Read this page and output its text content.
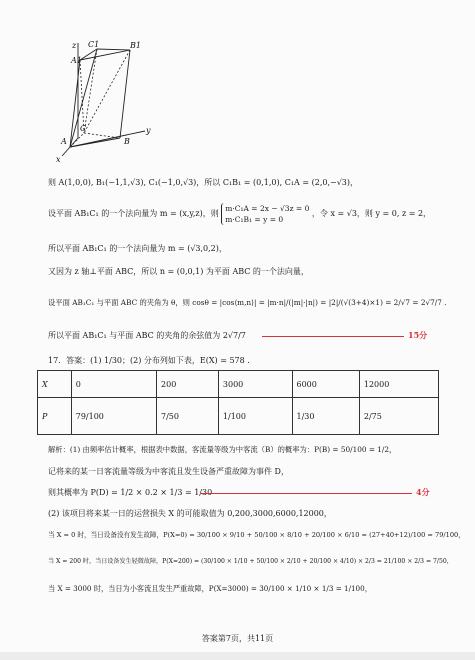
z C1	B1
A1
C
A
y
B
x
则 A(1,0,0), B₁(−1,1,√3), C₁(−1,0,√3)，所以 C₁B₁ = (0,1,0), C₁A = (2,0,−√3)，
设平面 AB₁C₁ 的一个法向量为 m = (x,y,z)，则 m·C₁A = 2x − √3z = 0
m·C₁B₁ = y = 0 ，令 x = √3，则 y = 0, z = 2，
所以平面 AB₁C₁ 的一个法向量为 m = (√3,0,2)，
又因为 z 轴⊥平面 ABC，所以 n = (0,0,1) 为平面 ABC 的一个法向量，
设平面 AB₁C₁ 与平面 ABC 的夹角为 θ，则 cosθ = |cos⟨m,n⟩| = |m·n|/(|m|·|n|) = |2|/(√(3+4)×1) = 2/√7 = 2√7/7 .
所以平面 AB₁C₁ 与平面 ABC 的夹角的余弦值为 2√7/7	15分
17．答案：(1) 1/30；(2) 分布列如下表，E(X) = 578 .
X	0	200	3000	6000	12000
P	79/100	7/50	1/100	1/30	2/75
解析：(1) 由频率估计概率，根据表中数据，客流量等级为中客流（B）的概率为：P(B) = 50/100 = 1/2，
记将来的某一日客流量等级为中客流且发生设备严重故障为事件 D，
则其概率为 P(D) = 1/2 × 0.2 × 1/3 = 1/30	4分
(2) 该项目将来某一日的运营损失 X 的可能取值为 0,200,3000,6000,12000，
当 X = 0 时，当日设备没有发生故障，P(X=0) = 30/100 × 9/10 + 50/100 × 8/10 + 20/100 × 6/10 = (27+40+12)/100 = 79/100，
当 X = 200 时，当日设备发生轻微故障，P(X=200) = (30/100 × 1/10 + 50/100 × 2/10 + 20/100 × 4/10) × 2/3 = 21/100 × 2/3 = 7/50，
当 X = 3000 时，当日为小客流且发生严重故障，P(X=3000) = 30/100 × 1/10 × 1/3 = 1/100，
答案第7页，共11页
